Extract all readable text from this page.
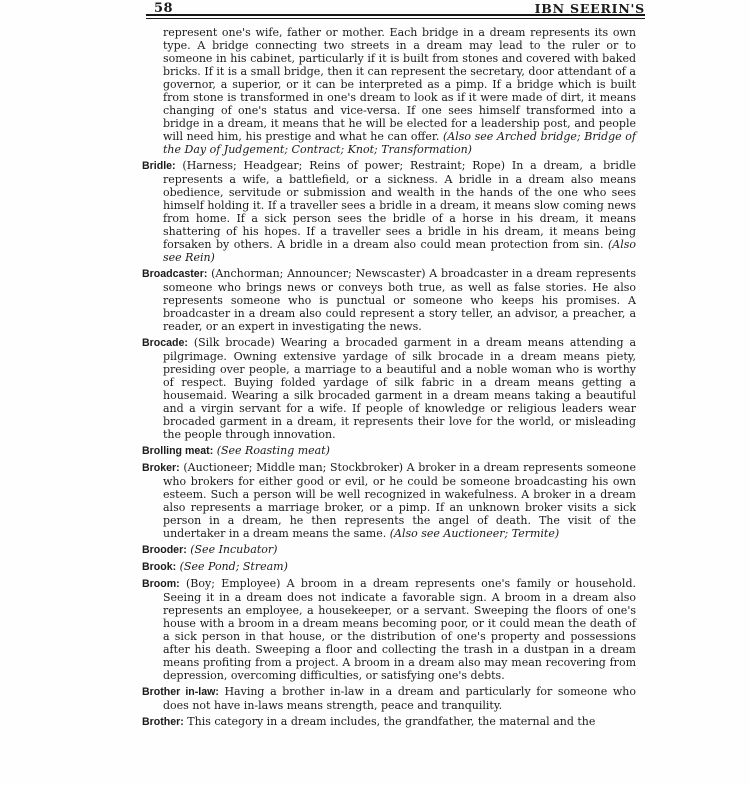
58	IBN SEERIN'S
represent one's wife, father or mother. Each bridge in a dream represents its own type. A bridge connecting two streets in a dream may lead to the ruler or to someone in his cabinet, particularly if it is built from stones and covered with baked bricks. If it is a small bridge, then it can represent the secretary, door attendant of a governor, a superior, or it can be interpreted as a pimp. If a bridge which is built from stone is transformed in one's dream to look as if it were made of dirt, it means changing of one's status and vice-versa. If one sees himself transformed into a bridge in a dream, it means that he will be elected for a leadership post, and people will need him, his prestige and what he can offer. (Also see Arched bridge; Bridge of the Day of Judgement; Contract; Knot; Transformation)
Bridle: (Harness; Headgear; Reins of power; Restraint; Rope) In a dream, a bridle represents a wife, a battlefield, or a sickness. A bridle in a dream also means obedience, servitude or submission and wealth in the hands of the one who sees himself holding it. If a traveller sees a bridle in a dream, it means slow coming news from home. If a sick person sees the bridle of a horse in his dream, it means shattering of his hopes. If a traveller sees a bridle in his dream, it means being forsaken by others. A bridle in a dream also could mean protection from sin. (Also see Rein)
Broadcaster: (Anchorman; Announcer; Newscaster) A broadcaster in a dream represents someone who brings news or conveys both true, as well as false stories. He also represents someone who is punctual or someone who keeps his promises. A broadcaster in a dream also could represent a story teller, an advisor, a preacher, a reader, or an expert in investigating the news.
Brocade: (Silk brocade) Wearing a brocaded garment in a dream means attending a pilgrimage. Owning extensive yardage of silk brocade in a dream means piety, presiding over people, a marriage to a beautiful and a noble woman who is worthy of respect. Buying folded yardage of silk fabric in a dream means getting a housemaid. Wearing a silk brocaded garment in a dream means taking a beautiful and a virgin servant for a wife. If people of knowledge or religious leaders wear brocaded garment in a dream, it represents their love for the world, or misleading the people through innovation.
Brolling meat: (See Roasting meat)
Broker: (Auctioneer; Middle man; Stockbroker) A broker in a dream represents someone who brokers for either good or evil, or he could be someone broadcasting his own esteem. Such a person will be well recognized in wakefulness. A broker in a dream also represents a marriage broker, or a pimp. If an unknown broker visits a sick person in a dream, he then represents the angel of death. The visit of the undertaker in a dream means the same. (Also see Auctioneer; Termite)
Brooder: (See Incubator)
Brook: (See Pond; Stream)
Broom: (Boy; Employee) A broom in a dream represents one's family or household. Seeing it in a dream does not indicate a favorable sign. A broom in a dream also represents an employee, a housekeeper, or a servant. Sweeping the floors of one's house with a broom in a dream means becoming poor, or it could mean the death of a sick person in that house, or the distribution of one's property and possessions after his death. Sweeping a floor and collecting the trash in a dustpan in a dream means profiting from a project. A broom in a dream also may mean recovering from depression, overcoming difficulties, or satisfying one's debts.
Brother in-law: Having a brother in-law in a dream and particularly for someone who does not have in-laws means strength, peace and tranquility.
Brother: This category in a dream includes, the grandfather, the maternal and the
